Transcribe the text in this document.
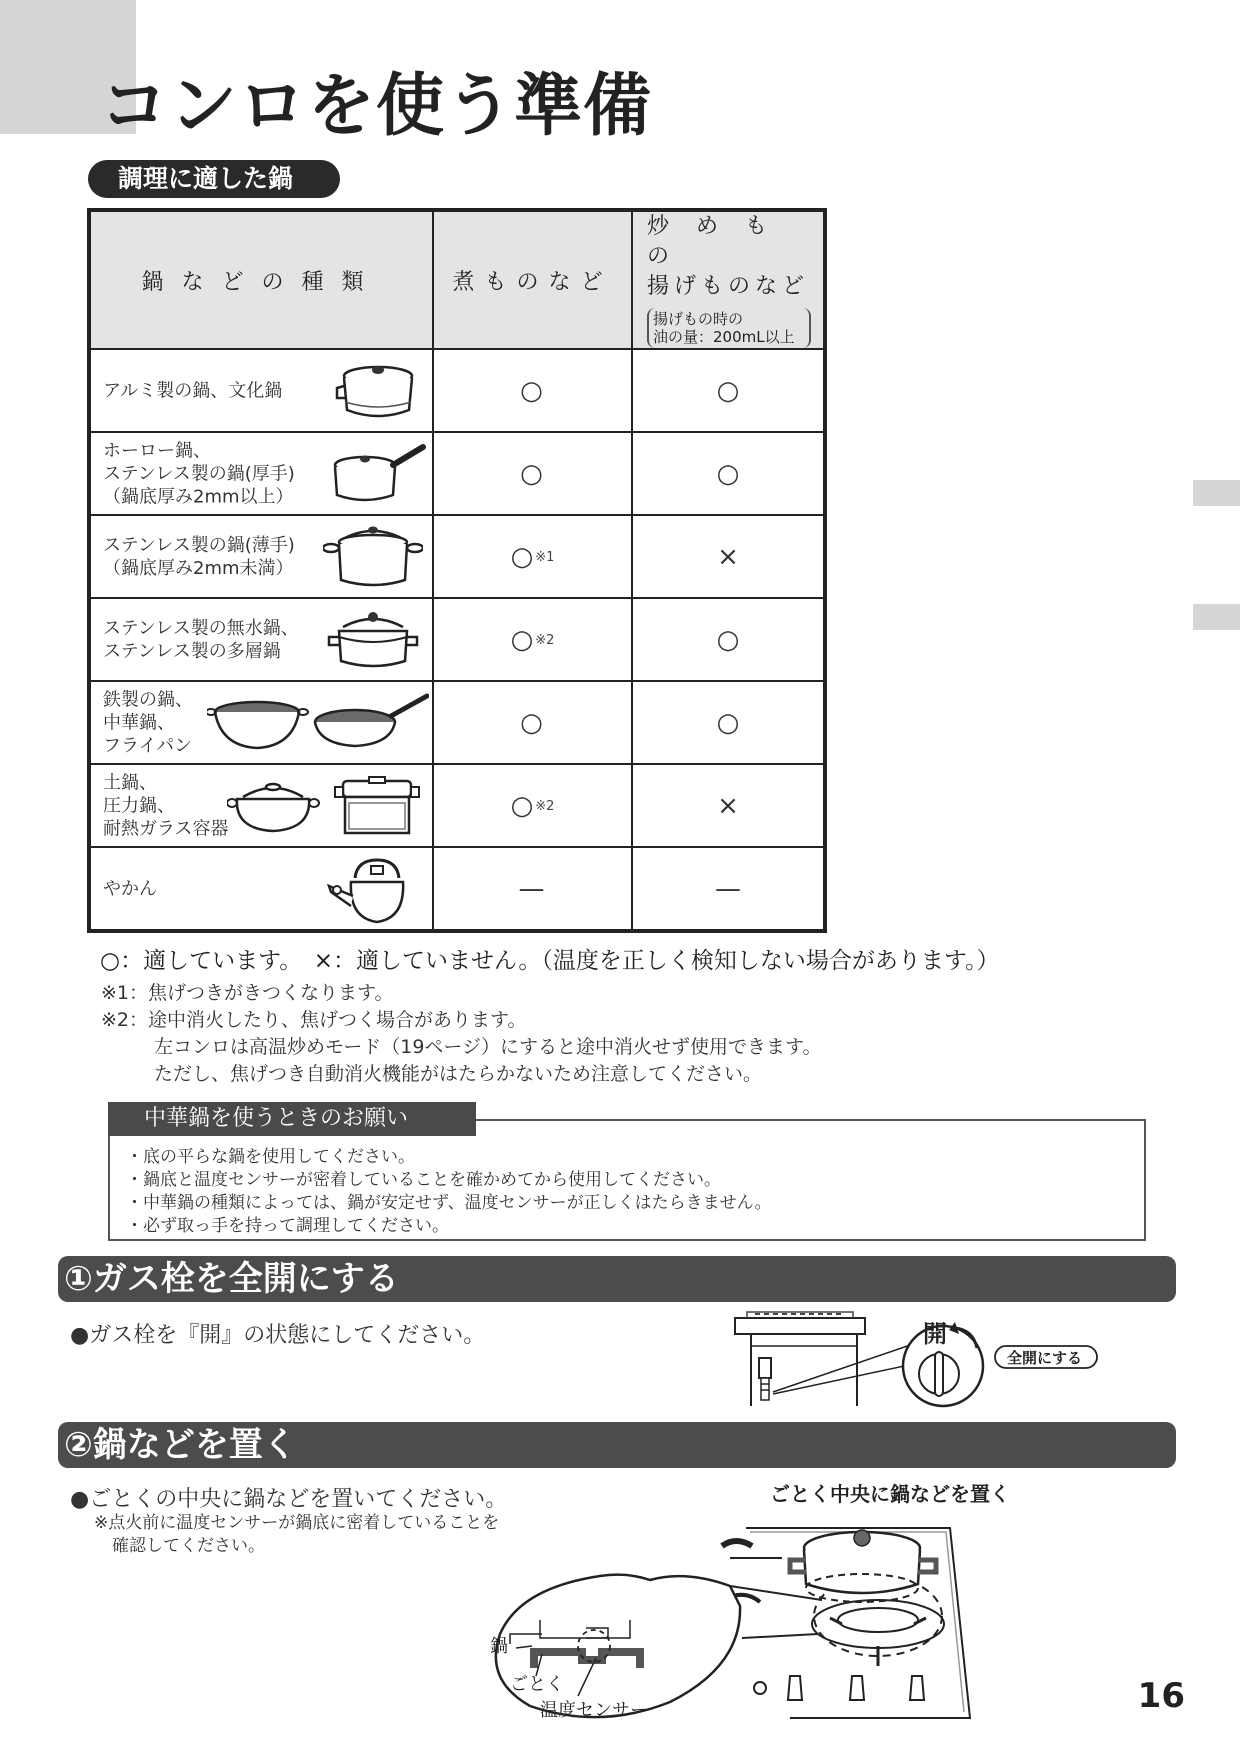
コンロを使う準備
調理に適した鍋
鍋などの種類	煮ものなど	炒めもの
揚げものなど
揚げもの時の
油の量：200mL以上

アルミ製の鍋、文化鍋	○	○

ホーロー鍋、
ステンレス製の鍋(厚手)
（鍋底厚み2mm以上）	○	○

ステンレス製の鍋(薄手)
（鍋底厚み2mm未満）	○ ※1	×

ステンレス製の無水鍋、
ステンレス製の多層鍋	○ ※2	○

鉄製の鍋、
中華鍋、
フライパン	○	○

土鍋、
圧力鍋、
耐熱ガラス容器	○ ※2	×

やかん	—	—
○：適しています。　×：適していません。（温度を正しく検知しない場合があります。）
※1：焦げつきがきつくなります。
※2：途中消火したり、焦げつく場合があります。
左コンロは高温炒めモード（19ページ）にすると途中消火せず使用できます。
ただし、焦げつき自動消火機能がはたらかないため注意してください。
中華鍋を使うときのお願い
・底の平らな鍋を使用してください。
・鍋底と温度センサーが密着していることを確かめてから使用してください。
・中華鍋の種類によっては、鍋が安定せず、温度センサーが正しくはたらきません。
・必ず取っ手を持って調理してください。
①ガス栓を全開にする
●ガス栓を『開』の状態にしてください。	開
全開にする
②鍋などを置く
●ごとくの中央に鍋などを置いてください。
※点火前に温度センサーが鍋底に密着していることを
確認してください。
ごとく中央に鍋などを置く
鍋
ごとく
温度センサー	16
